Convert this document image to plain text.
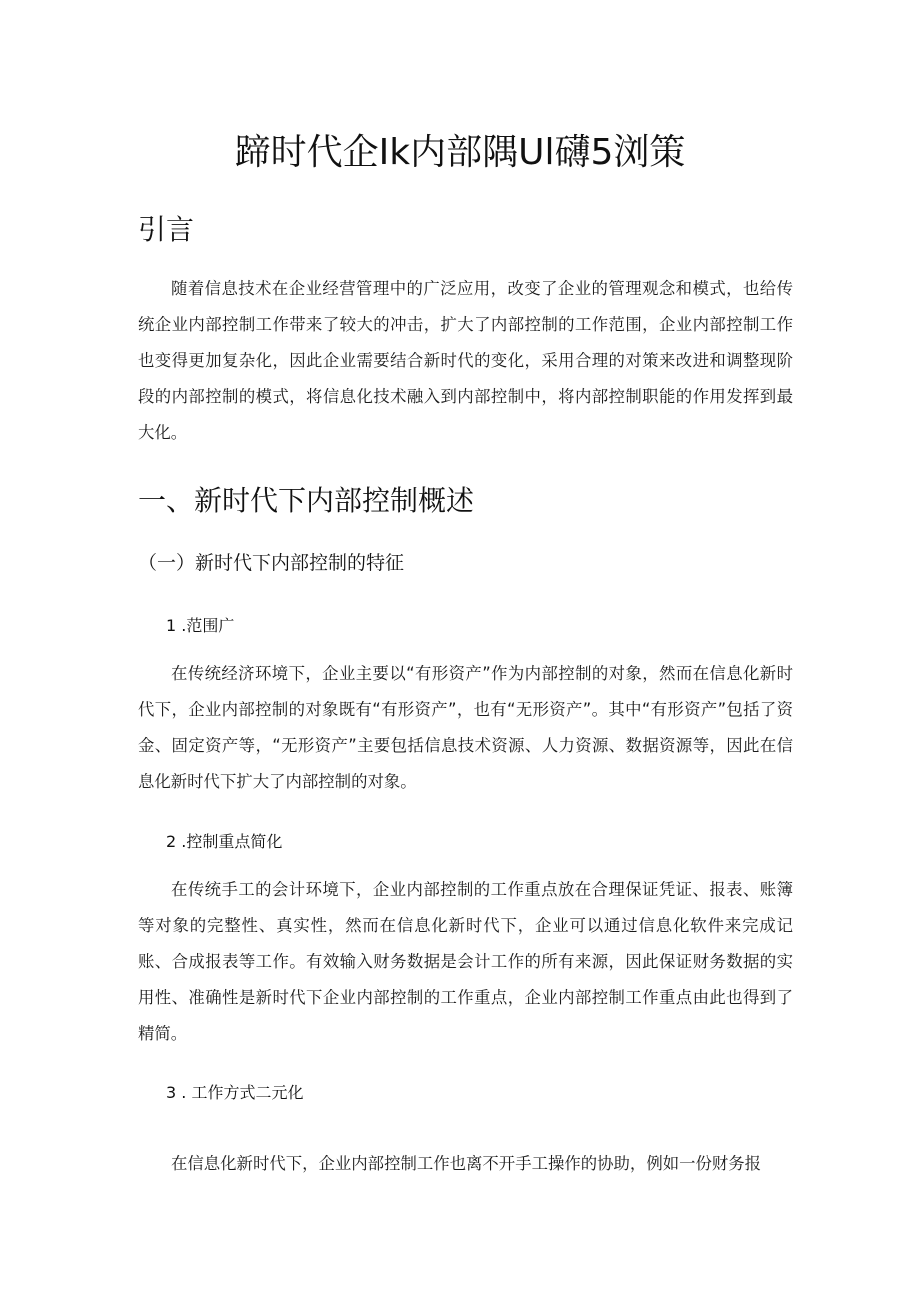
蹄时代企Ik内部隅Ul礴5浏策
引言

随着信息技术在企业经营管理中的广泛应用，改变了企业的管理观念和模式，也给传统企业内部控制工作带来了较大的冲击，扩大了内部控制的工作范围，企业内部控制工作也变得更加复杂化，因此企业需要结合新时代的变化，采用合理的对策来改进和调整现阶段的内部控制的模式，将信息化技术融入到内部控制中，将内部控制职能的作用发挥到最大化。

一、新时代下内部控制概述
（一）新时代下内部控制的特征
1 .范围广

在传统经济环境下，企业主要以“有形资产”作为内部控制的对象，然而在信息化新时代下，企业内部控制的对象既有“有形资产”，也有“无形资产”。其中“有形资产”包括了资金、固定资产等，“无形资产”主要包括信息技术资源、人力资源、数据资源等，因此在信息化新时代下扩大了内部控制的对象。

2 .控制重点简化

在传统手工的会计环境下，企业内部控制的工作重点放在合理保证凭证、报表、账簿等对象的完整性、真实性，然而在信息化新时代下，企业可以通过信息化软件来完成记账、合成报表等工作。有效输入财务数据是会计工作的所有来源，因此保证财务数据的实用性、准确性是新时代下企业内部控制的工作重点，企业内部控制工作重点由此也得到了精简。

3 . 工作方式二元化

在信息化新时代下，企业内部控制工作也离不开手工操作的协助，例如一份财务报
